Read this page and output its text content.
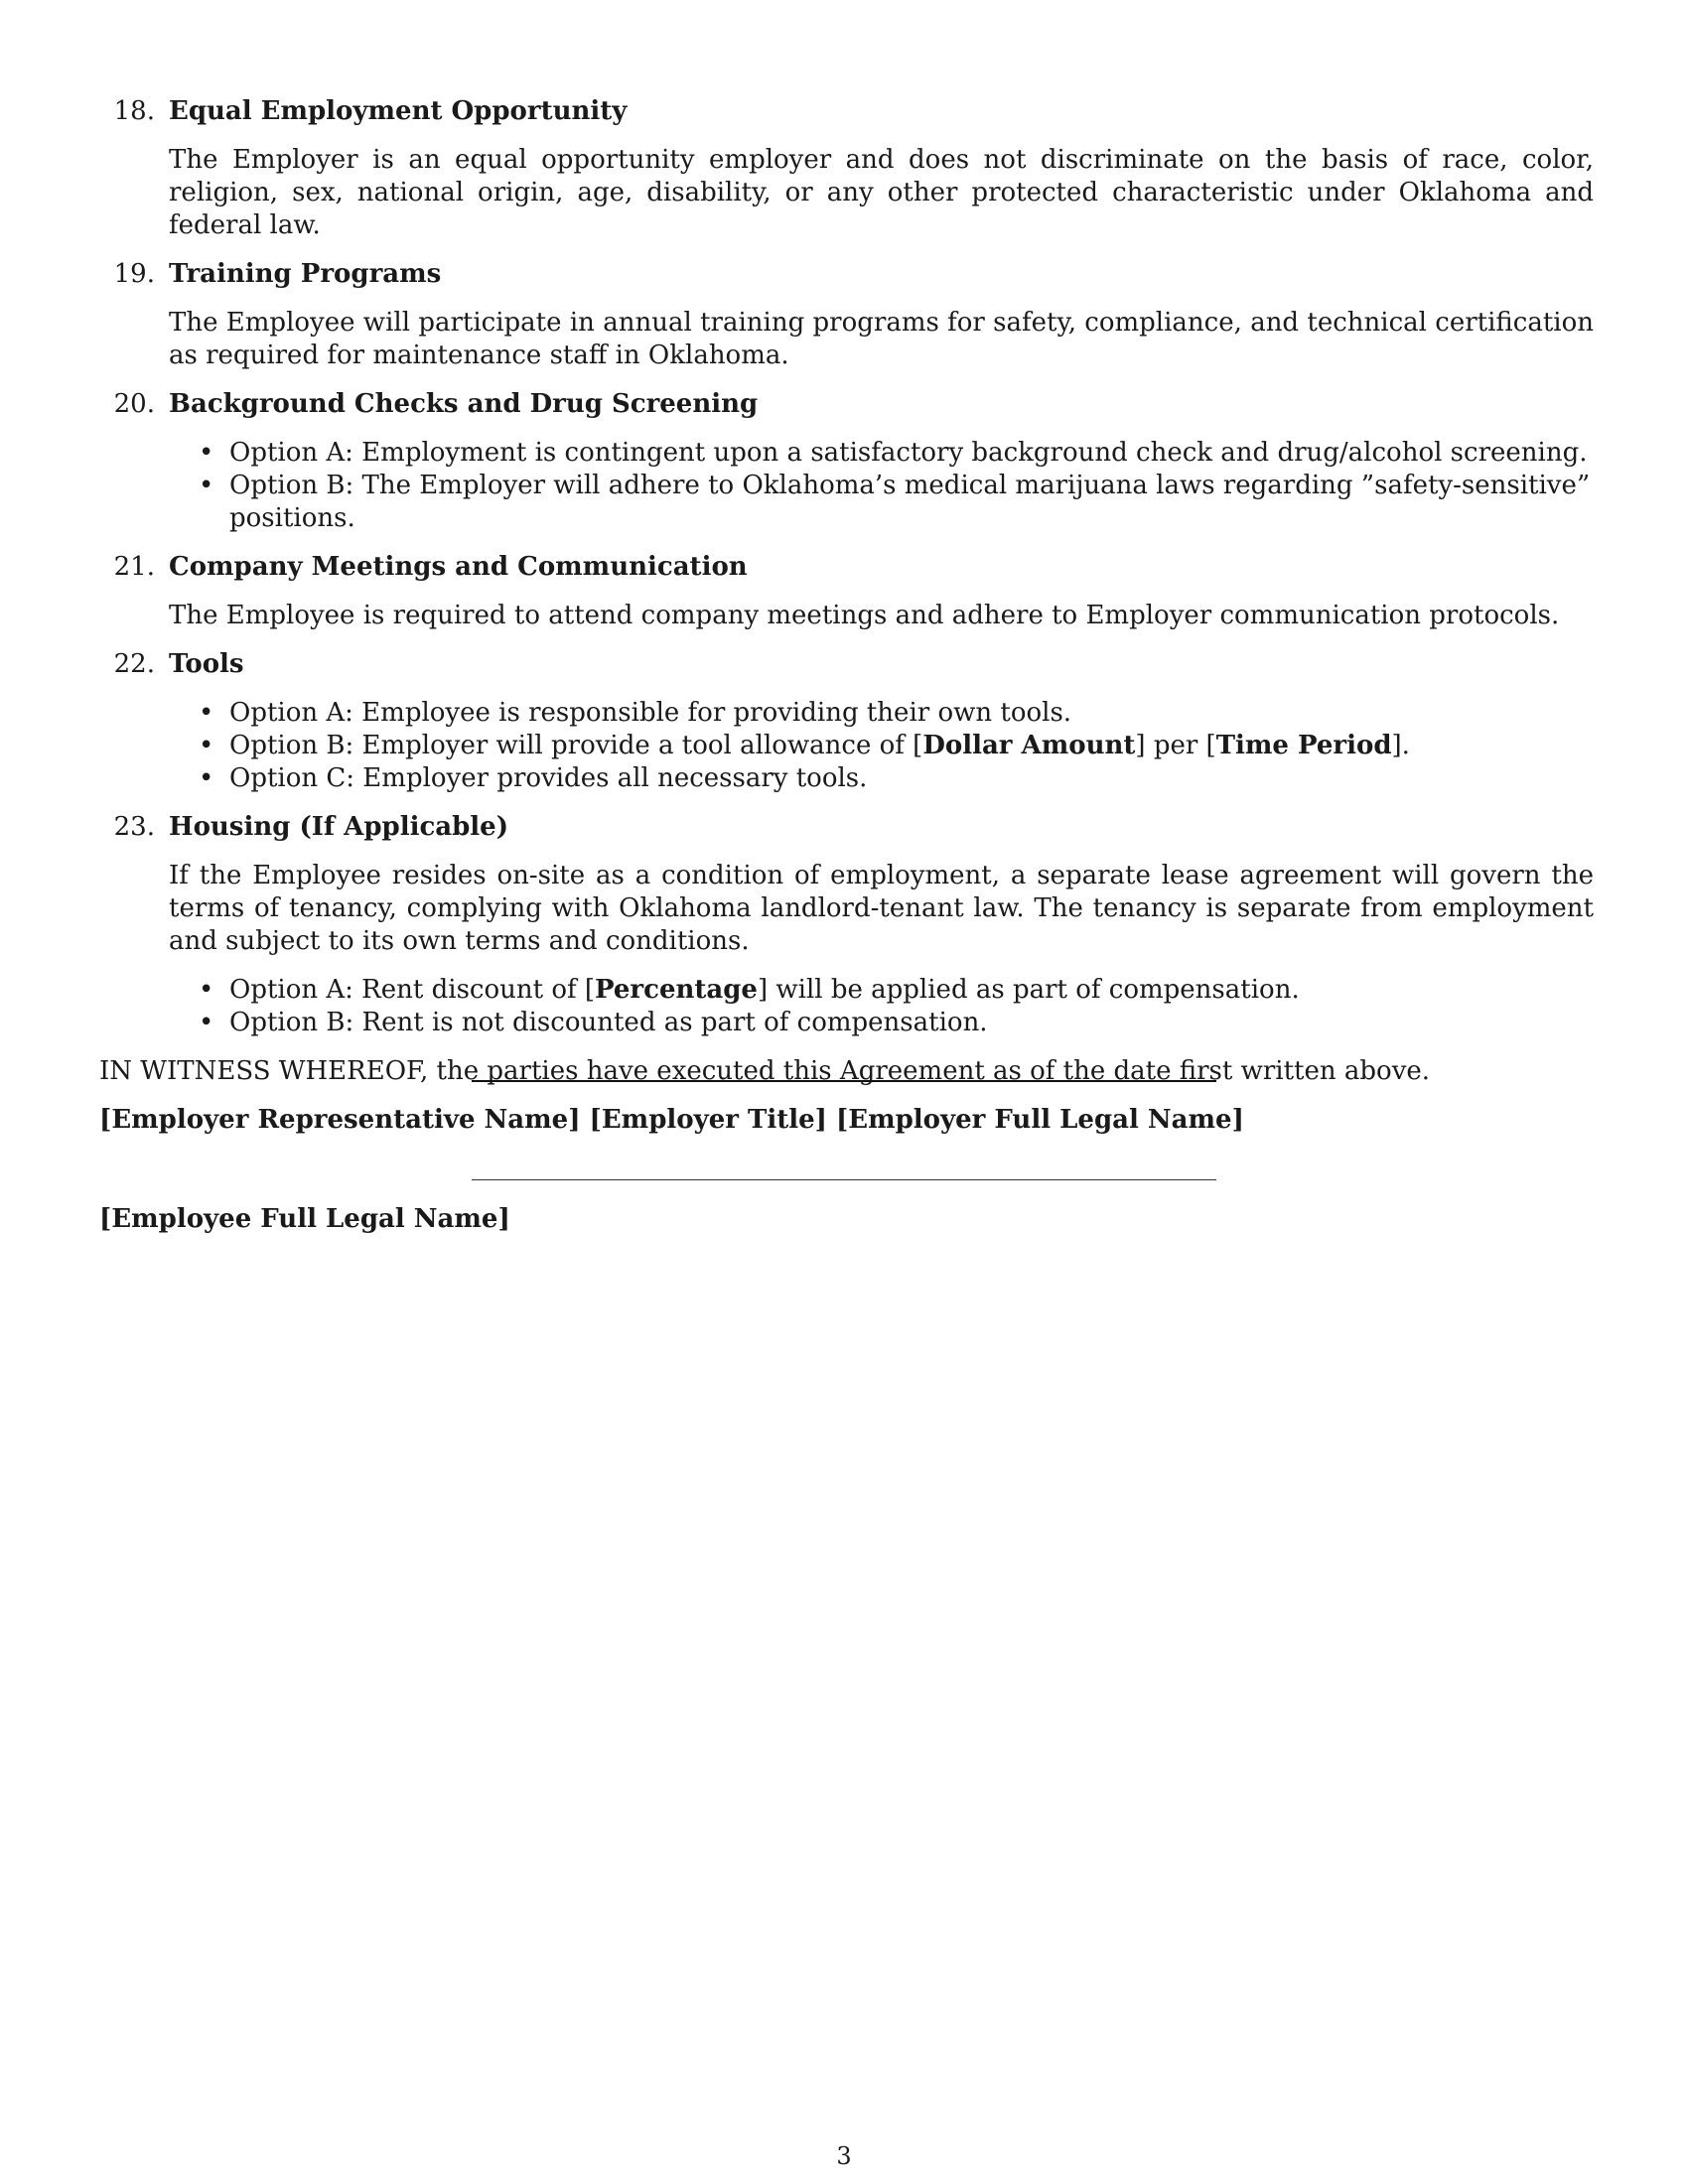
18. Equal Employment Opportunity
The Employer is an equal opportunity employer and does not discriminate on the basis of race, color, religion, sex, national origin, age, disability, or any other protected characteristic under Oklahoma and federal law.
19. Training Programs
The Employee will participate in annual training programs for safety, compliance, and technical certification as required for maintenance staff in Oklahoma.
20. Background Checks and Drug Screening
• Option A: Employment is contingent upon a satisfactory background check and drug/alcohol screening.
• Option B: The Employer will adhere to Oklahoma’s medical marijuana laws regarding ”safety-sensitive” positions.
21. Company Meetings and Communication
The Employee is required to attend company meetings and adhere to Employer communication protocols.
22. Tools
• Option A: Employee is responsible for providing their own tools.
• Option B: Employer will provide a tool allowance of [Dollar Amount] per [Time Period].
• Option C: Employer provides all necessary tools.
23. Housing (If Applicable)
If the Employee resides on-site as a condition of employment, a separate lease agreement will govern the terms of tenancy, complying with Oklahoma landlord-tenant law. The tenancy is separate from employment and subject to its own terms and conditions.
• Option A: Rent discount of [Percentage] will be applied as part of compensation.
• Option B: Rent is not discounted as part of compensation.
IN WITNESS WHEREOF, the parties have executed this Agreement as of the date first written above.
[Employer Representative Name] [Employer Title] [Employer Full Legal Name]
[Employee Full Legal Name]
3
